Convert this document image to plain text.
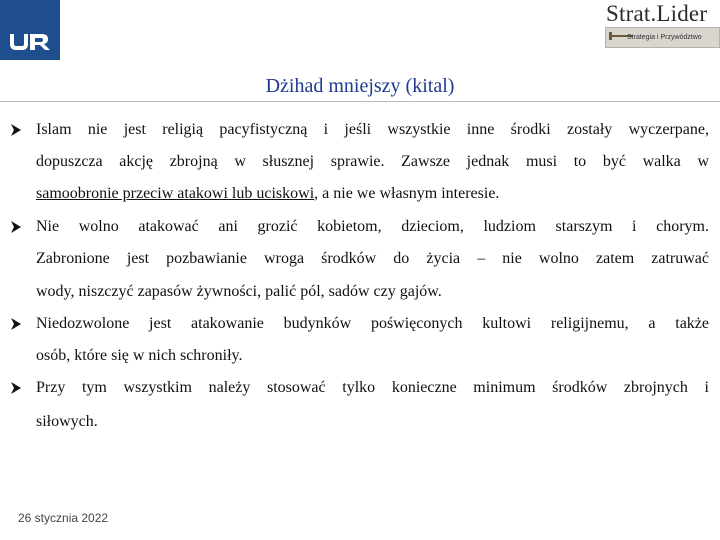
Strat.Lider
Strategia i Przywództwo
Dżihad mniejszy (kital)
Islam nie jest religią pacyfistyczną i jeśli wszystkie inne środki zostały wyczerpane,
dopuszcza akcję zbrojną w słusznej sprawie. Zawsze jednak musi to być walka w
samoobronie przeciw atakowi lub uciskowi, a nie we własnym interesie.
Nie wolno atakować ani grozić kobietom, dzieciom, ludziom starszym i chorym.
Zabronione jest pozbawianie wroga środków do życia – nie wolno zatem zatruwać
wody, niszczyć zapasów żywności, palić pól, sadów czy gajów.
Niedozwolone jest atakowanie budynków poświęconych kultowi religijnemu, a także
osób, które się w nich schroniły.
Przy tym wszystkim należy stosować tylko konieczne minimum środków zbrojnych i
siłowych.
26 stycznia 2022
